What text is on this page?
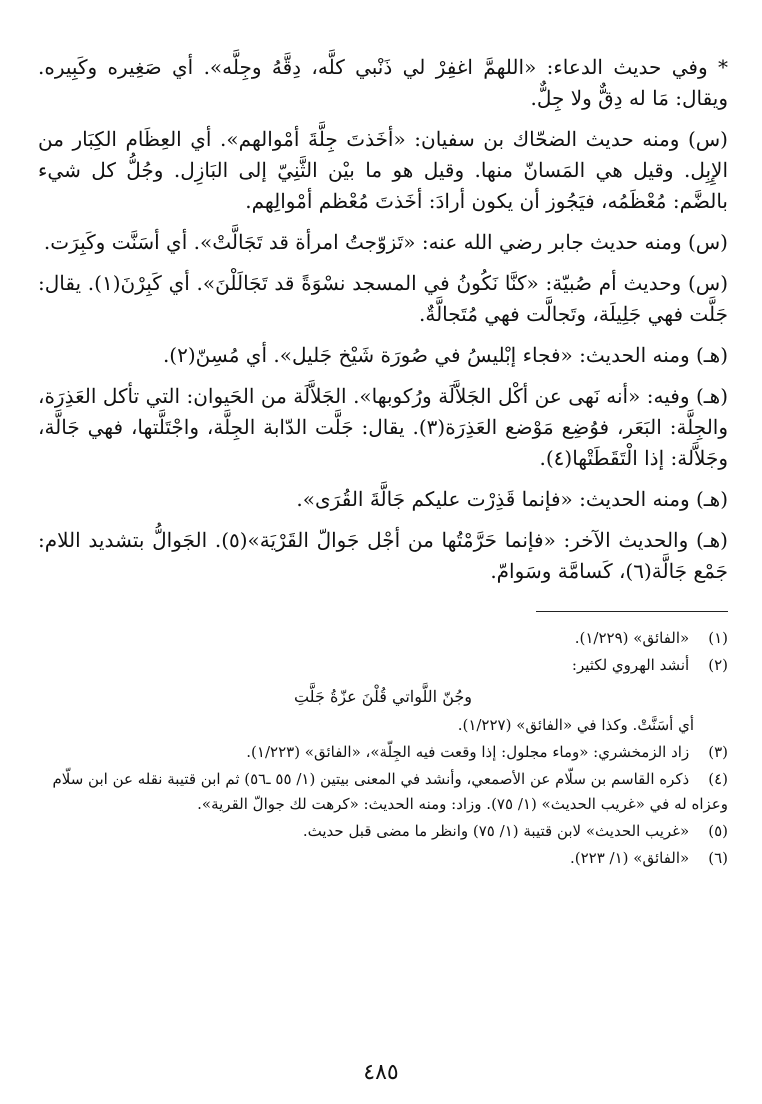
* وفي حديث الدعاء: «اللهمَّ اغفِرْ لي ذَنْبي كلَّه، دِقَّهُ وجِلَّه». أي صَغِيره وكَبِيره. ويقال: مَا له دِقٌّ ولا جِلٌّ.

(س) ومنه حديث الضحّاك بن سفيان: «أخَذتَ جِلَّةَ أمْوالهم». أي العِظَام الكِبَار من الإِبِل. وقيل هي المَسانّ منها. وقيل هو ما بيْن الثَّنِيّ إلى البَازِل. وجُلُّ كل شيء بالضَّم: مُعْظَمُه، فيَجُوز أن يكون أرادَ: أخَذتَ مُعْظم أمْوالِهم.

(س) ومنه حديث جابر رضي الله عنه: «تَزوّجتُ امرأة قد تَجَالَّتْ». أي أسَنَّت وكَبِرَت.

(س) وحديث أم صُبيّة: «كنَّا نَكُونُ في المسجد نسْوَةً قد تَجَالَلْنَ». أي كَبِرْنَ(١). يقال: جَلَّت فهي جَلِيلَة، وتَجالَّت فهي مُتَجالَّةٌ.

(هـ) ومنه الحديث: «فجاء إبْليسُ في صُورَة شَيْخ جَليل». أي مُسِنّ(٢).

(هـ) وفيه: «أنه نَهى عن أكْل الجَلاَّلَة ورُكوبها». الجَلاَّلَة من الحَيوان: التي تأكل العَذِرَة، والجِلَّة: البَعَر، فوُضِع مَوْضع العَذِرَة(٣). يقال: جَلَّت الدّابة الجِلَّة، واجْتَلَّتها، فهي جَالَّة، وجَلاَّلة: إذا الْتَقَطَتْها(٤).

(هـ) ومنه الحديث: «فإنما قَذِرْت عليكم جَالَّةَ القُرَى».

(هـ) والحديث الآخر: «فإنما حَرَّمْتُها من أجْل جَوالّ القَرْيَة»(٥). الجَوالُّ بتشديد اللام: جَمْع جَالَّة(٦)، كَسامَّة وسَوامّ.

(١) «الفائق» (١/٢٢٩).
(٢) أنشد الهروي لكثير:
وجُنّ اللَّواتي قُلْنَ عزّةُ جَلَّتِ
أي أسَنَّتْ. وكذا في «الفائق» (١/٢٢٧).
(٣) زاد الزمخشري: «وماء مجلول: إذا وقعت فيه الجِلّة»، «الفائق» (١/٢٢٣).
(٤) ذكره القاسم بن سلّام عن الأصمعي، وأنشد في المعنى بيتين (١/ ٥٥ ـ٥٦) ثم ابن قتيبة نقله عن ابن سلّام وعزاه له في «غريب الحديث» (١/ ٧٥). وزاد: ومنه الحديث: «كرهت لك جوالّ القرية».
(٥) «غريب الحديث» لابن قتيبة (١/ ٧٥) وانظر ما مضى قبل حديث.
(٦) «الفائق» (١/ ٢٢٣).
٤٨٥
